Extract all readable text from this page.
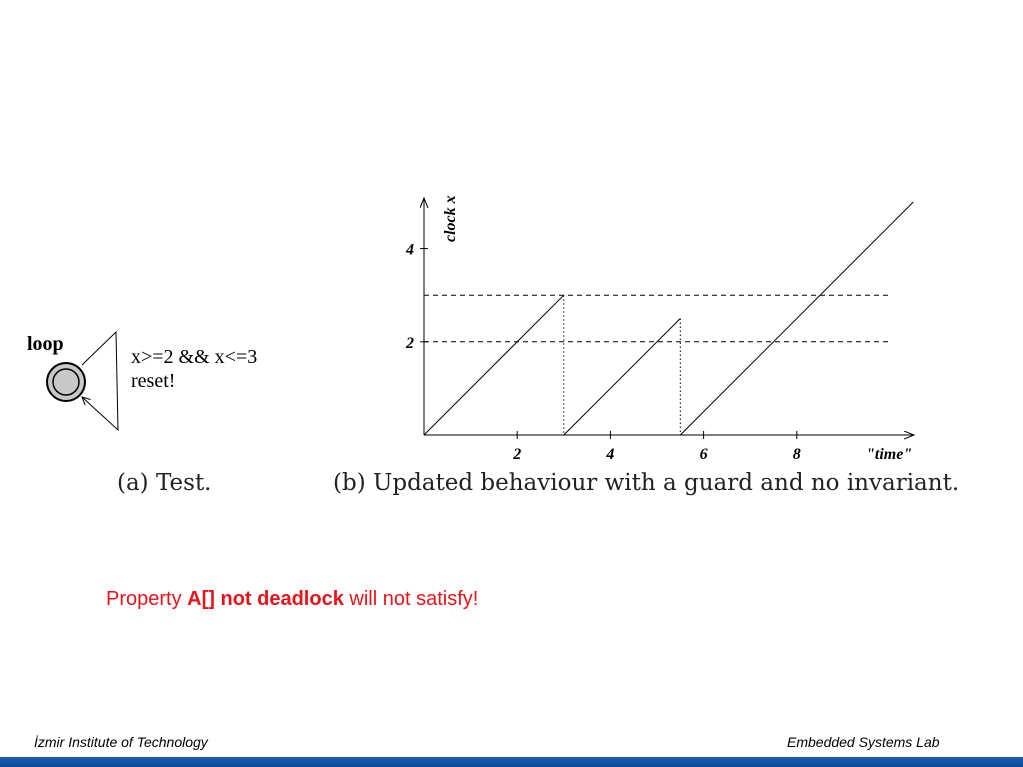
loop
x>=2 && x<=3
reset!
(a) Test.
2	4	6	8
2
4
"time"
clock x
(b) Updated behaviour with a guard and no invariant.
Property A[] not deadlock will not satisfy!
İzmir Institute of Technology	Embedded Systems Lab
